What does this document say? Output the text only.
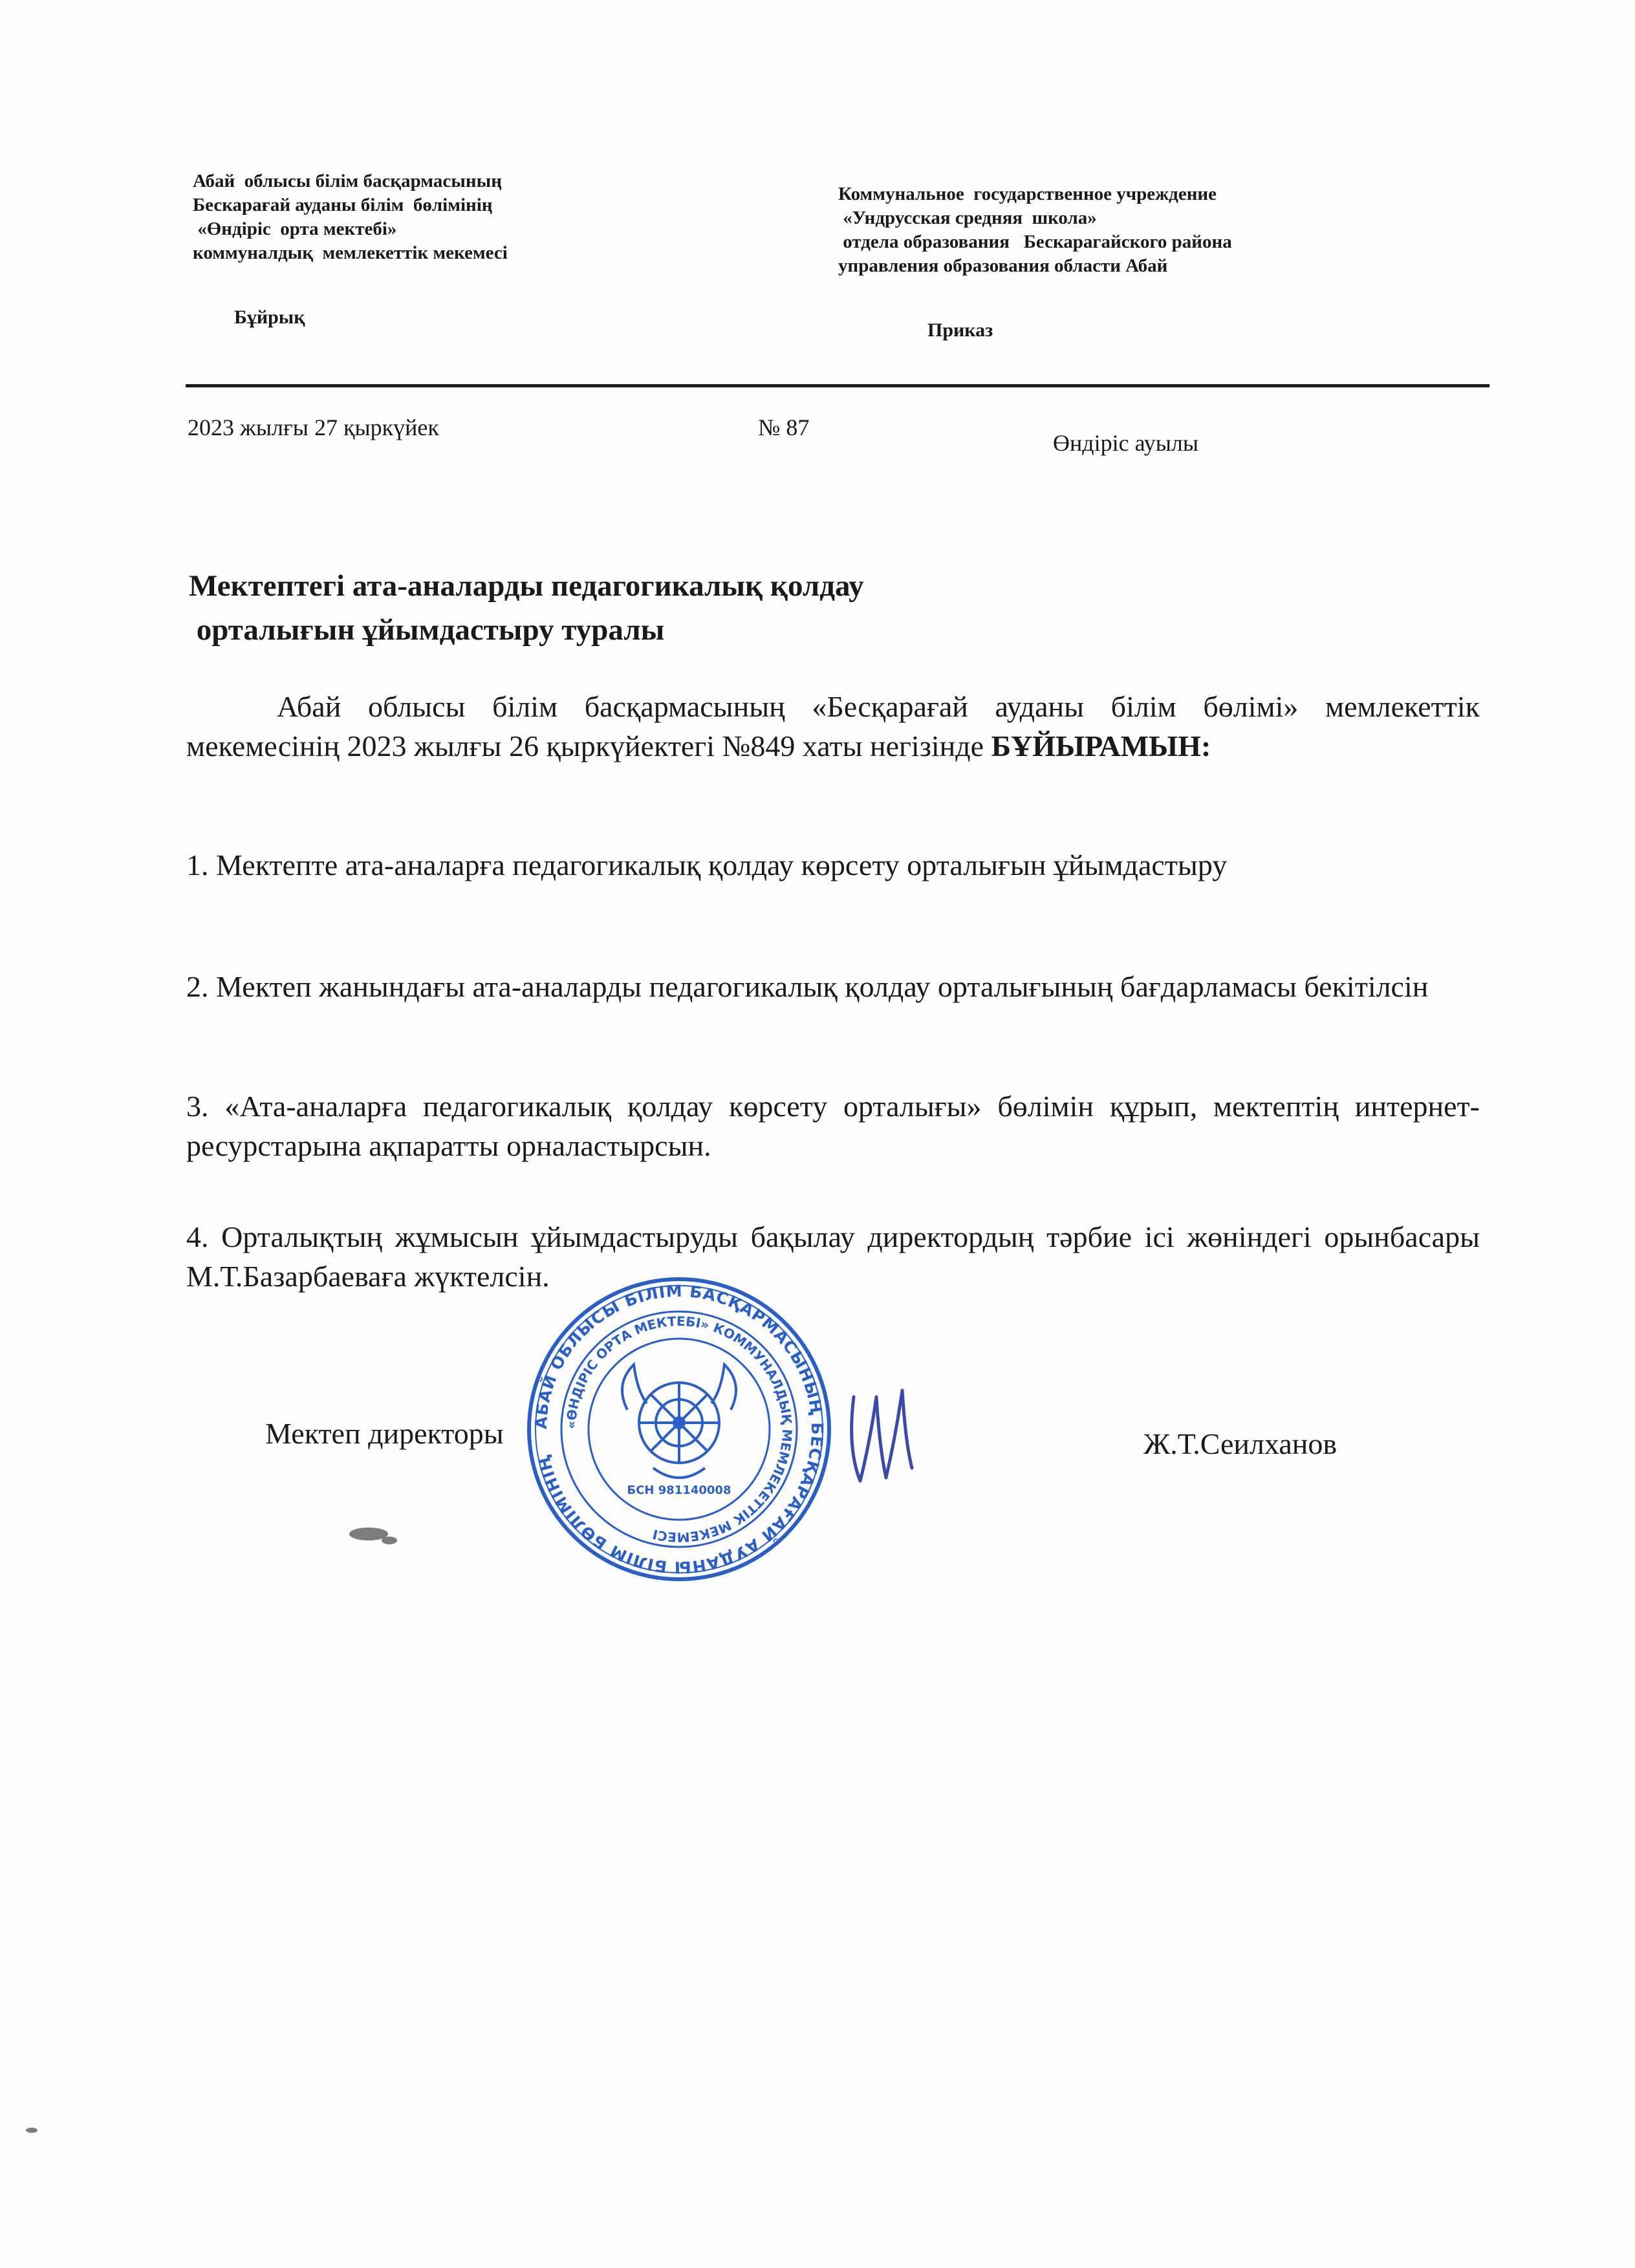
Абай  облысы білім басқармасының
Бескарағай ауданы білім  бөлімінің
«Өндіріс  орта мектебі»
коммуналдық  мемлекеттік мекемесі
Коммунальное  государственное учреждение
«Ундрусская средняя  школа»
отдела образования   Бескарагайского района
управления образования области Абай
Бұйрық
Приказ
2023 жылғы 27 қыркүйек	№ 87
Өндіріс ауылы
Мектептегі ата-аналарды педагогикалық қолдау
орталығын ұйымдастыру туралы
Абай облысы білім басқармасының «Бесқарағай ауданы білім бөлімі» мемлекеттік мекемесінің 2023 жылғы 26 қыркүйектегі №849 хаты негізінде БҰЙЫРАМЫН:
1. Мектепте ата-аналарға педагогикалық қолдау көрсету орталығын ұйымдастыру
2. Мектеп жанындағы ата-аналарды педагогикалық қолдау орталығының бағдарламасы бекітілсін
3. «Ата-аналарға педагогикалық қолдау көрсету орталығы» бөлімін құрып, мектептің интернет-ресурстарына ақпаратты орналастырсын.
4. Орталықтың жұмысын ұйымдастыруды бақылау директордың тәрбие ісі жөніндегі орынбасары М.Т.Базарбаеваға жүктелсін.
АБАЙ ОБЛЫСЫ БІЛІМ БАСҚАРМАСЫНЫҢ БЕСҚАРАҒАЙ АУДАНЫ БІЛІМ БӨЛІМІНІҢ
«ӨНДІРІС ОРТА МЕКТЕБІ» КОММУНАЛДЫҚ МЕМЛЕКЕТТІК МЕКЕМЕСІ
БСН 981140008
Мектеп директоры	Ж.Т.Сеилханов
